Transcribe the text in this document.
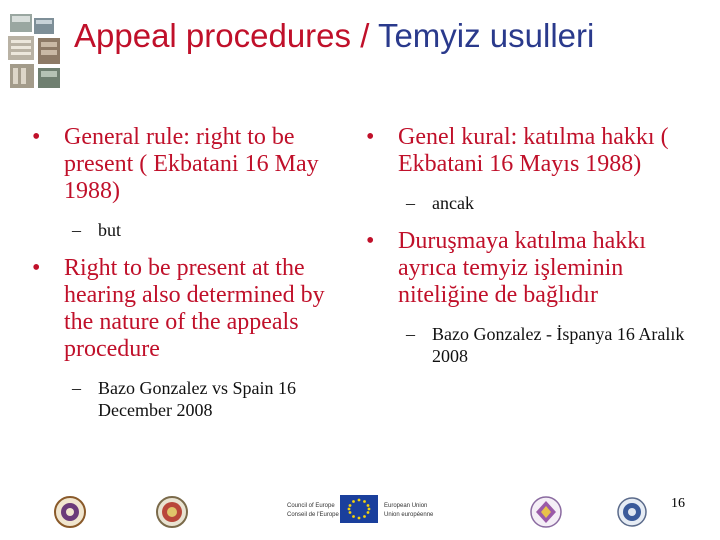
Appeal procedures / Temyiz usulleri
• General rule: right to be present ( Ekbatani 16 May 1988)
– but
• Right to be present at the hearing also determined by the nature of the appeals procedure
– Bazo Gonzalez vs Spain 16 December 2008
• Genel kural: katılma hakkı ( Ekbatani 16 Mayıs 1988)
– ancak
• Duruşmaya katılma hakkı ayrıca temyiz işleminin niteliğine de bağlıdır
– Bazo Gonzalez - İspanya 16 Aralık 2008
Council of Europe
Conseil de l'Europe
European Union
Union européenne
16
